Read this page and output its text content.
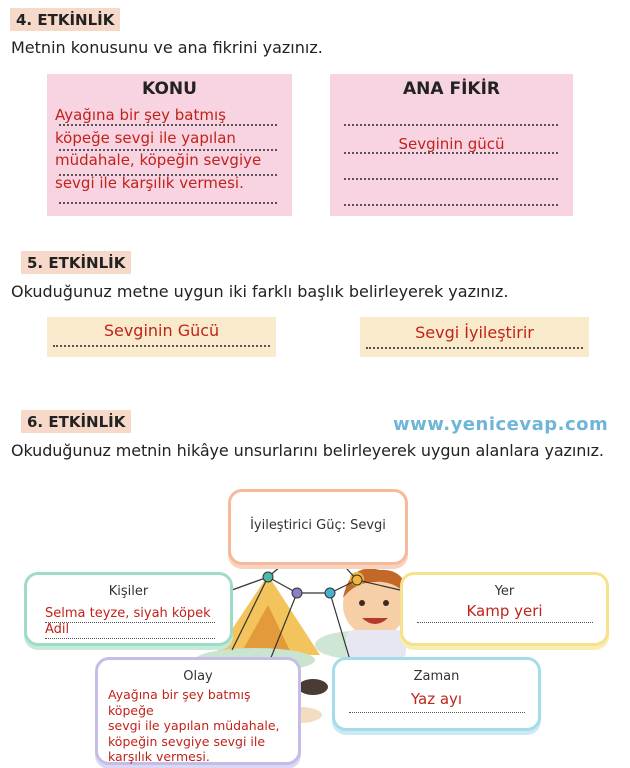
4. ETKİNLİK
Metnin konusunu ve ana fikrini yazınız.
KONU
Ayağına bir şey batmış
köpeğe sevgi ile yapılan
müdahale, köpeğin sevgiye
sevgi ile karşılık vermesi.
ANA FİKİR
Sevginin gücü
5. ETKİNLİK
Okuduğunuz metne uygun iki farklı başlık belirleyerek yazınız.
Sevginin Gücü	Sevgi İyileştirir
6. ETKİNLİK	www.yenicevap.com
Okuduğunuz metnin hikâye unsurlarını belirleyerek uygun alanlara yazınız.
İyileştirici Güç: Sevgi
Kişiler
Selma teyze, siyah köpek
Adil
Yer
Kamp yeri
Olay
Ayağına bir şey batmış köpeğe
sevgi ile yapılan müdahale,
köpeğin sevgiye sevgi ile
karşılık vermesi.
Zaman
Yaz ayı
